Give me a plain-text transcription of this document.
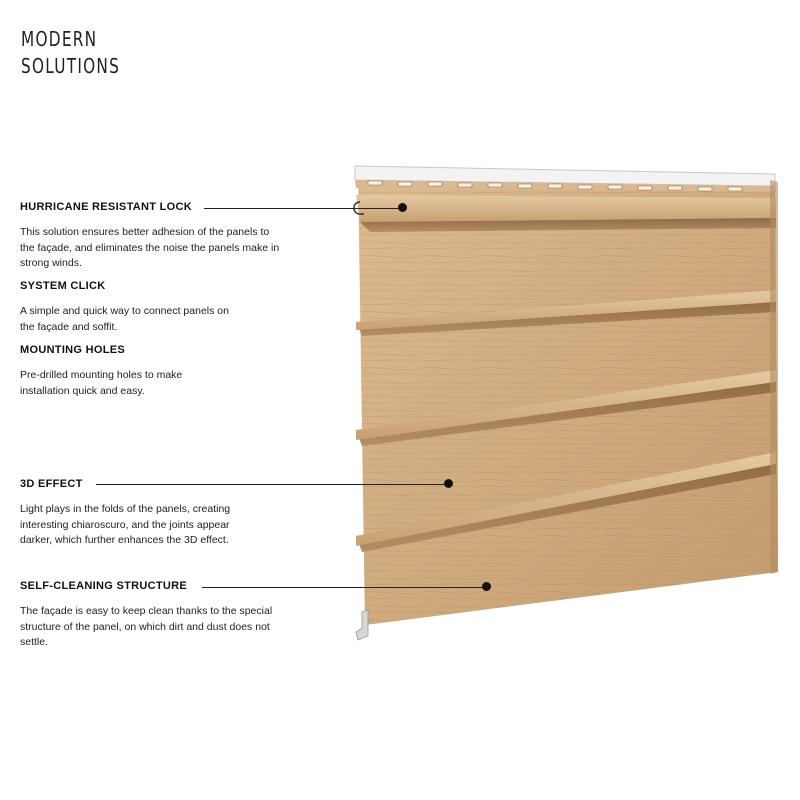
MODERN
SOLUTIONS
HURRICANE RESISTANT LOCK
This solution ensures better adhesion of the panels to the façade, and eliminates the noise the panels make in strong winds.
SYSTEM CLICK
A simple and quick way to connect panels on the façade and soffit.
MOUNTING HOLES
Pre-drilled mounting holes to make installation quick and easy.
3D EFFECT
Light plays in the folds of the panels, creating interesting chiaroscuro, and the joints appear darker, which further enhances the 3D effect.
SELF-CLEANING STRUCTURE
The façade is easy to keep clean thanks to the special structure of the panel, on which dirt and dust does not settle.
